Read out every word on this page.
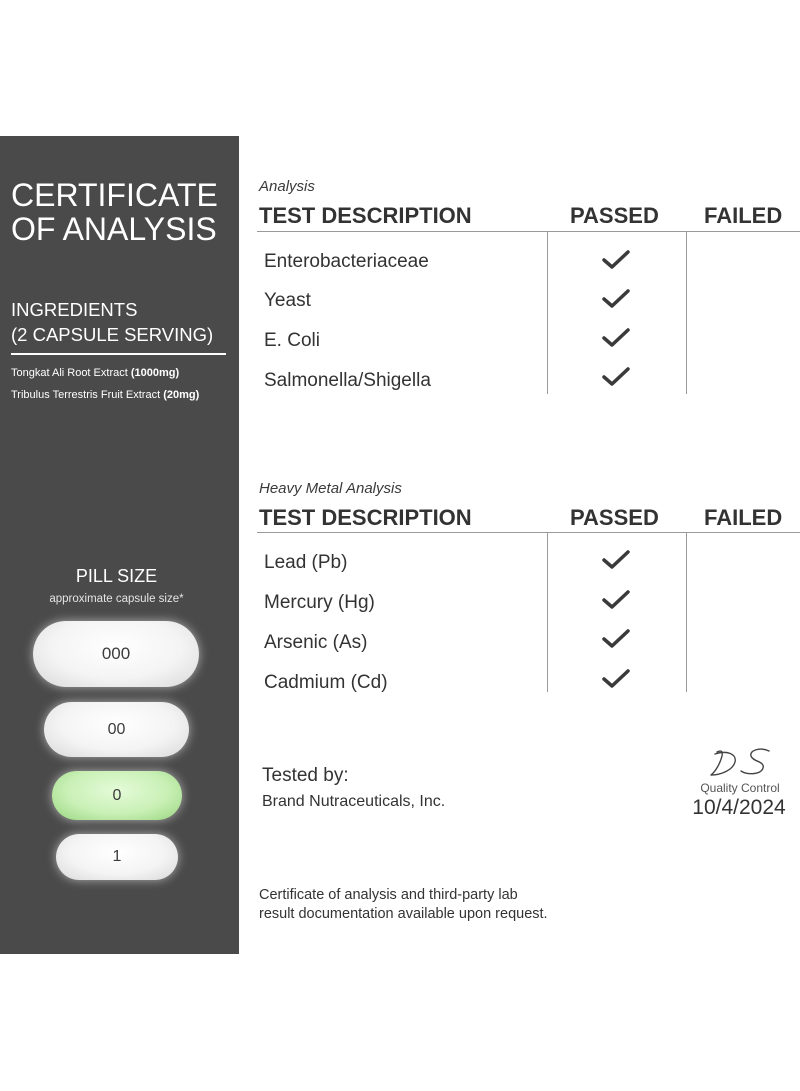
CERTIFICATE
OF ANALYSIS
INGREDIENTS
(2 CAPSULE SERVING)
Tongkat Ali Root Extract (1000mg)
Tribulus Terrestris Fruit Extract (20mg)
PILL SIZE
approximate capsule size*
000
00
0
1
Analysis
TEST DESCRIPTION	PASSED FAILED
Enterobacteriaceae
Yeast
E. Coli
Salmonella/Shigella
Heavy Metal Analysis
TEST DESCRIPTION	PASSED FAILED
Lead (Pb)
Mercury (Hg)
Arsenic (As)
Cadmium (Cd)
Tested by:
Brand Nutraceuticals, Inc.
Quality Control
10/4/2024
Certificate of analysis and third-party lab
result documentation available upon request.
